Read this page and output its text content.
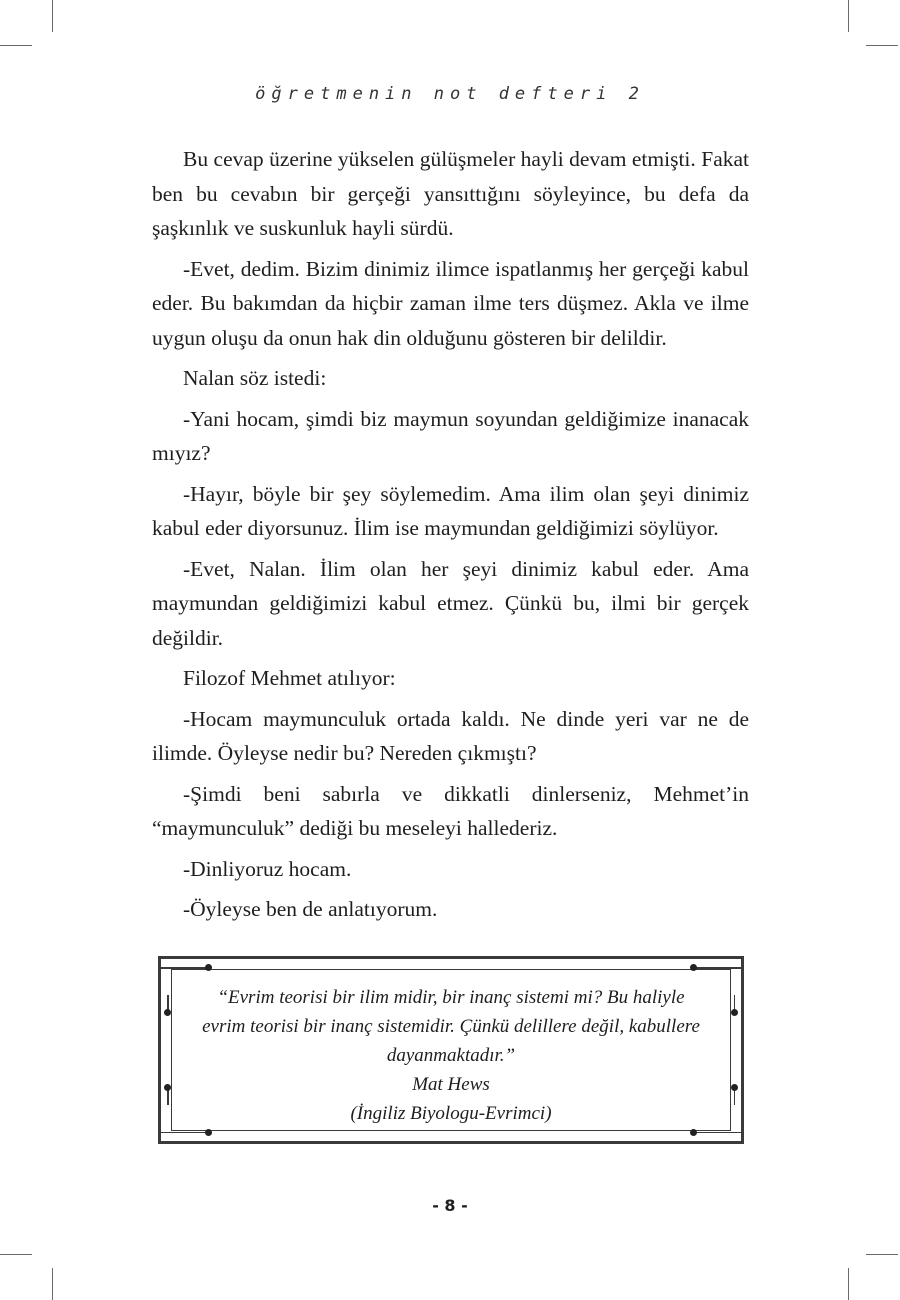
öğretmenin not defteri 2

Bu cevap üzerine yükselen gülüşmeler hayli devam etmişti. Fakat ben bu cevabın bir gerçeği yansıttığını söyleyince, bu defa da şaşkınlık ve suskunluk hayli sürdü.

-Evet, dedim. Bizim dinimiz ilimce ispatlanmış her gerçeği kabul eder. Bu bakımdan da hiçbir zaman ilme ters düşmez. Akla ve ilme uygun oluşu da onun hak din olduğunu gösteren bir delildir.

Nalan söz istedi:

-Yani hocam, şimdi biz maymun soyundan geldiğimize inanacak mıyız?

-Hayır, böyle bir şey söylemedim. Ama ilim olan şeyi dinimiz kabul eder diyorsunuz. İlim ise maymundan geldiğimizi söylüyor.

-Evet, Nalan. İlim olan her şeyi dinimiz kabul eder. Ama maymundan geldiğimizi kabul etmez. Çünkü bu, ilmi bir gerçek değildir.

Filozof Mehmet atılıyor:

-Hocam maymunculuk ortada kaldı. Ne dinde yeri var ne de ilimde. Öyleyse nedir bu? Nereden çıkmıştı?

-Şimdi beni sabırla ve dikkatli dinlerseniz, Mehmet’in “maymunculuk” dediği bu meseleyi hallederiz.

-Dinliyoruz hocam.

-Öyleyse ben de anlatıyorum.

“Evrim teorisi bir ilim midir, bir inanç sistemi mi? Bu haliyle
evrim teorisi bir inanç sistemidir. Çünkü delillere değil, kabullere
dayanmaktadır.”
Mat Hews
(İngiliz Biyologu-Evrimci)
- 8 -
